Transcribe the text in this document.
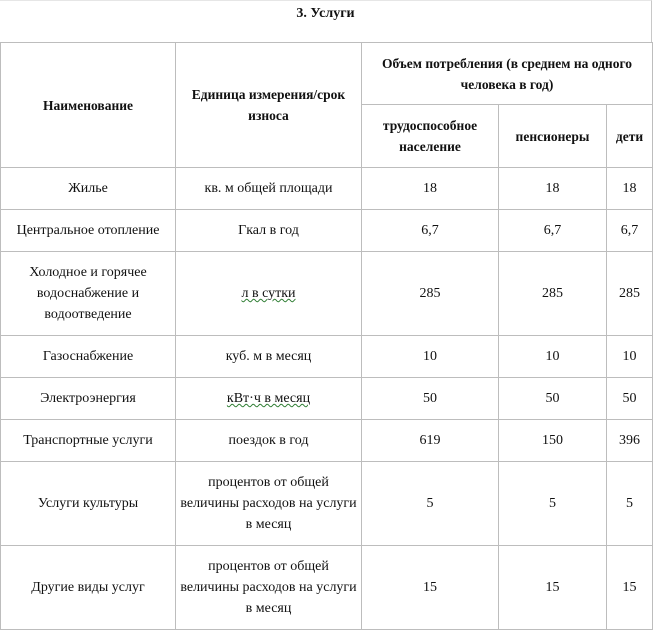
3. Услуги
Наименование	Единица измерения/срок износа	Объем потребления (в среднем на одного человека в год)		
		трудоспособное население	пенсионеры	дети
Жилье	кв. м общей площади	18	18	18
Центральное отопление	Гкал в год	6,7	6,7	6,7
Холодное и горячее водоснабжение и водоотведение	л в сутки	285	285	285
Газоснабжение	куб. м в месяц	10	10	10
Электроэнергия	кВт·ч в месяц	50	50	50
Транспортные услуги	поездок в год	619	150	396
Услуги культуры	процентов от общей величины расходов на услуги в месяц	5	5	5
Другие виды услуг	процентов от общей величины расходов на услуги в месяц	15	15	15
